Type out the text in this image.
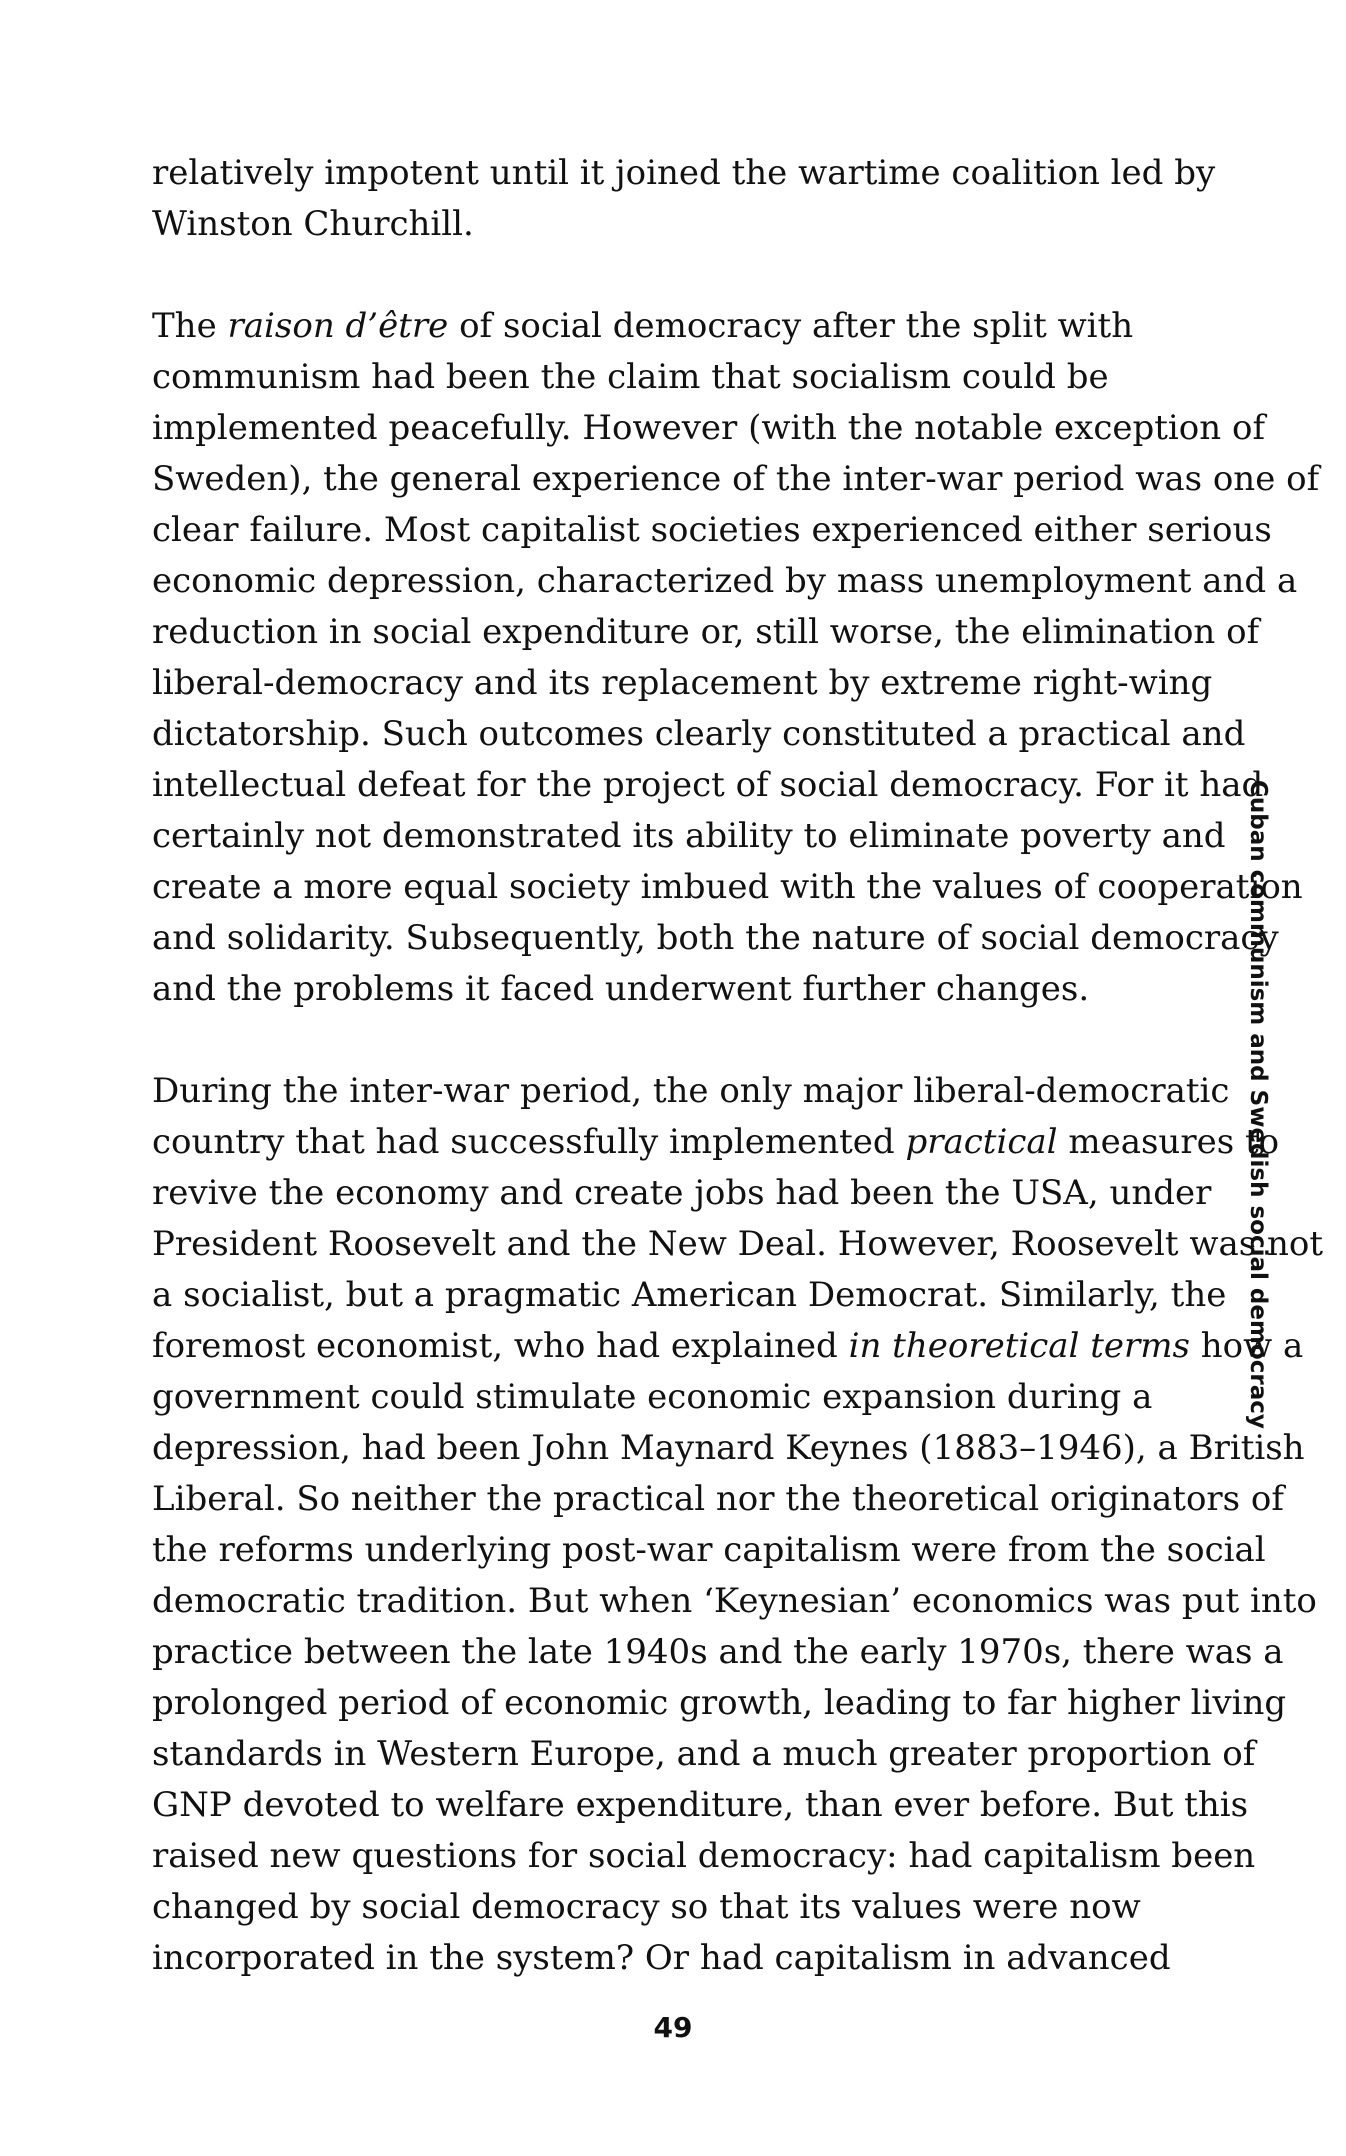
relatively impotent until it joined the wartime coalition led by
Winston Churchill.
The raison d’être of social democracy after the split with
communism had been the claim that socialism could be
implemented peacefully. However (with the notable exception of
Sweden), the general experience of the inter-war period was one of
clear failure. Most capitalist societies experienced either serious
economic depression, characterized by mass unemployment and a
reduction in social expenditure or, still worse, the elimination of
liberal-democracy and its replacement by extreme right-wing
dictatorship. Such outcomes clearly constituted a practical and
intellectual defeat for the project of social democracy. For it had
certainly not demonstrated its ability to eliminate poverty and
create a more equal society imbued with the values of cooperation
and solidarity. Subsequently, both the nature of social democracy
and the problems it faced underwent further changes.
During the inter-war period, the only major liberal-democratic
country that had successfully implemented practical measures to
revive the economy and create jobs had been the USA, under
President Roosevelt and the New Deal. However, Roosevelt was not
a socialist, but a pragmatic American Democrat. Similarly, the
foremost economist, who had explained in theoretical terms how a
government could stimulate economic expansion during a
depression, had been John Maynard Keynes (1883–1946), a British
Liberal. So neither the practical nor the theoretical originators of
the reforms underlying post-war capitalism were from the social
democratic tradition. But when ‘Keynesian’ economics was put into
practice between the late 1940s and the early 1970s, there was a
prolonged period of economic growth, leading to far higher living
standards in Western Europe, and a much greater proportion of
GNP devoted to welfare expenditure, than ever before. But this
raised new questions for social democracy: had capitalism been
changed by social democracy so that its values were now
incorporated in the system? Or had capitalism in advanced
Cuban communism and Swedish social democracy
49
